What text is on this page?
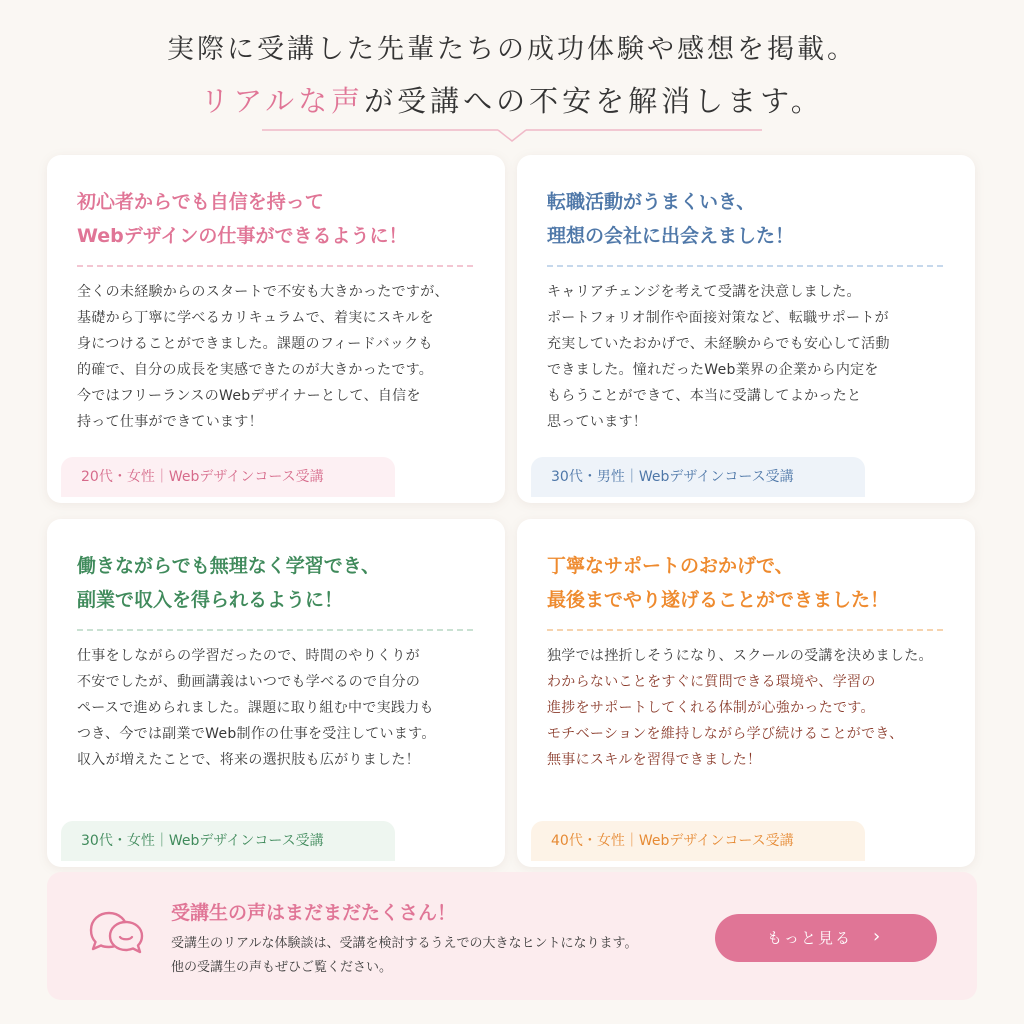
実際に受講した先輩たちの成功体験や感想を掲載。
リアルな声が受講への不安を解消します。
初心者からでも自信を持って
Webデザインの仕事ができるように！

全くの未経験からのスタートで不安も大きかったですが、
基礎から丁寧に学べるカリキュラムで、着実にスキルを
身につけることができました。課題のフィードバックも
的確で、自分の成長を実感できたのが大きかったです。
今ではフリーランスのWebデザイナーとして、自信を
持って仕事ができています！

20代・女性｜Webデザインコース受講
転職活動がうまくいき、
理想の会社に出会えました！

キャリアチェンジを考えて受講を決意しました。
ポートフォリオ制作や面接対策など、転職サポートが
充実していたおかげで、未経験からでも安心して活動
できました。憧れだったWeb業界の企業から内定を
もらうことができて、本当に受講してよかったと
思っています！

30代・男性｜Webデザインコース受講
働きながらでも無理なく学習でき、
副業で収入を得られるように！

仕事をしながらの学習だったので、時間のやりくりが
不安でしたが、動画講義はいつでも学べるので自分の
ペースで進められました。課題に取り組む中で実践力も
つき、今では副業でWeb制作の仕事を受注しています。
収入が増えたことで、将来の選択肢も広がりました！

30代・女性｜Webデザインコース受講
丁寧なサポートのおかげで、
最後までやり遂げることができました！

独学では挫折しそうになり、スクールの受講を決めました。
わからないことをすぐに質問できる環境や、学習の
進捗をサポートしてくれる体制が心強かったです。
モチベーションを維持しながら学び続けることができ、
無事にスキルを習得できました！

40代・女性｜Webデザインコース受講
受講生の声はまだまだたくさん！

受講生のリアルな体験談は、受講を検討するうえでの大きなヒントになります。
他の受講生の声もぜひご覧ください。

もっと見る ›
